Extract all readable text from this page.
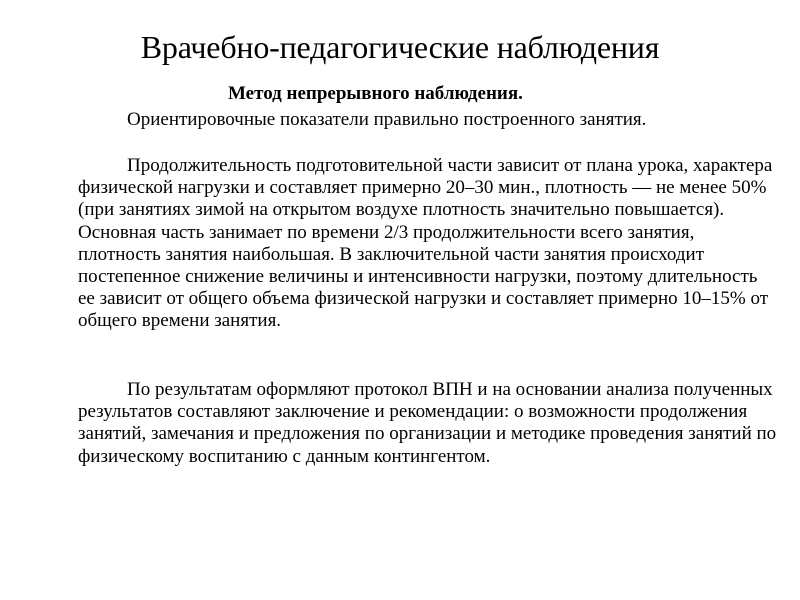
Врачебно-педагогические наблюдения

Метод непрерывного наблюдения.

Ориентировочные показатели правильно построенного занятия.

Продолжительность подготовительной части зависит от плана урока, характера физической нагрузки и составляет примерно 20–30 мин., плотность — не менее 50% (при занятиях зимой на открытом воздухе плотность значительно повышается). Основная часть занимает по времени 2/3 продолжительности всего занятия, плотность занятия наибольшая. В заключительной части занятия происходит постепенное снижение величины и интенсивности нагрузки, поэтому длительность ее зависит от общего объема физической нагрузки и составляет примерно 10–15% от общего времени занятия.

По результатам оформляют протокол ВПН и на основании анализа полученных результатов составляют заключение и рекомендации: о возможности продолжения занятий, замечания и предложения по организации и методике проведения занятий по физическому воспитанию с данным контингентом.
